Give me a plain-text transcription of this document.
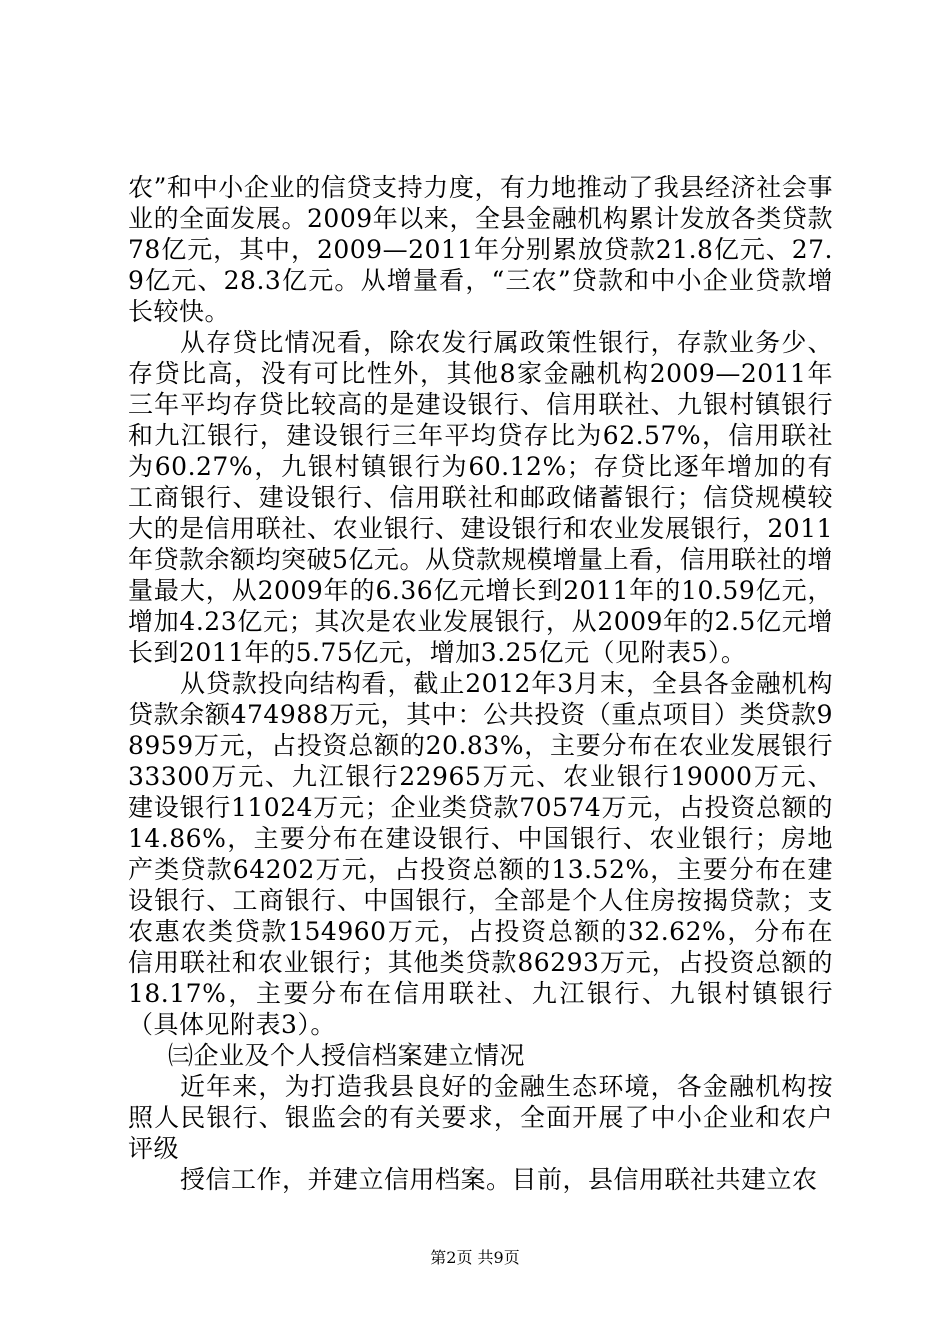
农”和中小企业的信贷支持力度，有力地推动了我县经济社会事业的全面发展。2009年以来，全县金融机构累计发放各类贷款78亿元，其中，2009—2011年分别累放贷款21.8亿元、27.9亿元、28.3亿元。从增量看，“三农”贷款和中小企业贷款增长较快。

从存贷比情况看，除农发行属政策性银行，存款业务少、存贷比高，没有可比性外，其他8家金融机构2009—2011年三年平均存贷比较高的是建设银行、信用联社、九银村镇银行和九江银行，建设银行三年平均贷存比为62.57%，信用联社为60.27%，九银村镇银行为60.12%；存贷比逐年增加的有工商银行、建设银行、信用联社和邮政储蓄银行；信贷规模较大的是信用联社、农业银行、建设银行和农业发展银行，2011年贷款余额均突破5亿元。从贷款规模增量上看，信用联社的增量最大，从2009年的6.36亿元增长到2011年的10.59亿元，增加4.23亿元；其次是农业发展银行，从2009年的2.5亿元增长到2011年的5.75亿元，增加3.25亿元（见附表5）。

从贷款投向结构看，截止2012年3月末，全县各金融机构贷款余额474988万元，其中：公共投资（重点项目）类贷款98959万元，占投资总额的20.83%，主要分布在农业发展银行33300万元、九江银行22965万元、农业银行19000万元、建设银行11024万元；企业类贷款70574万元，占投资总额的14.86%，主要分布在建设银行、中国银行、农业银行；房地产类贷款64202万元，占投资总额的13.52%，主要分布在建设银行、工商银行、中国银行，全部是个人住房按揭贷款；支农惠农类贷款154960万元，占投资总额的32.62%，分布在信用联社和农业银行；其他类贷款86293万元，占投资总额的18.17%，主要分布在信用联社、九江银行、九银村镇银行（具体见附表3）。

㈢企业及个人授信档案建立情况

近年来，为打造我县良好的金融生态环境，各金融机构按照人民银行、银监会的有关要求，全面开展了中小企业和农户评级

授信工作，并建立信用档案。目前，县信用联社共建立农

第2页 共9页
